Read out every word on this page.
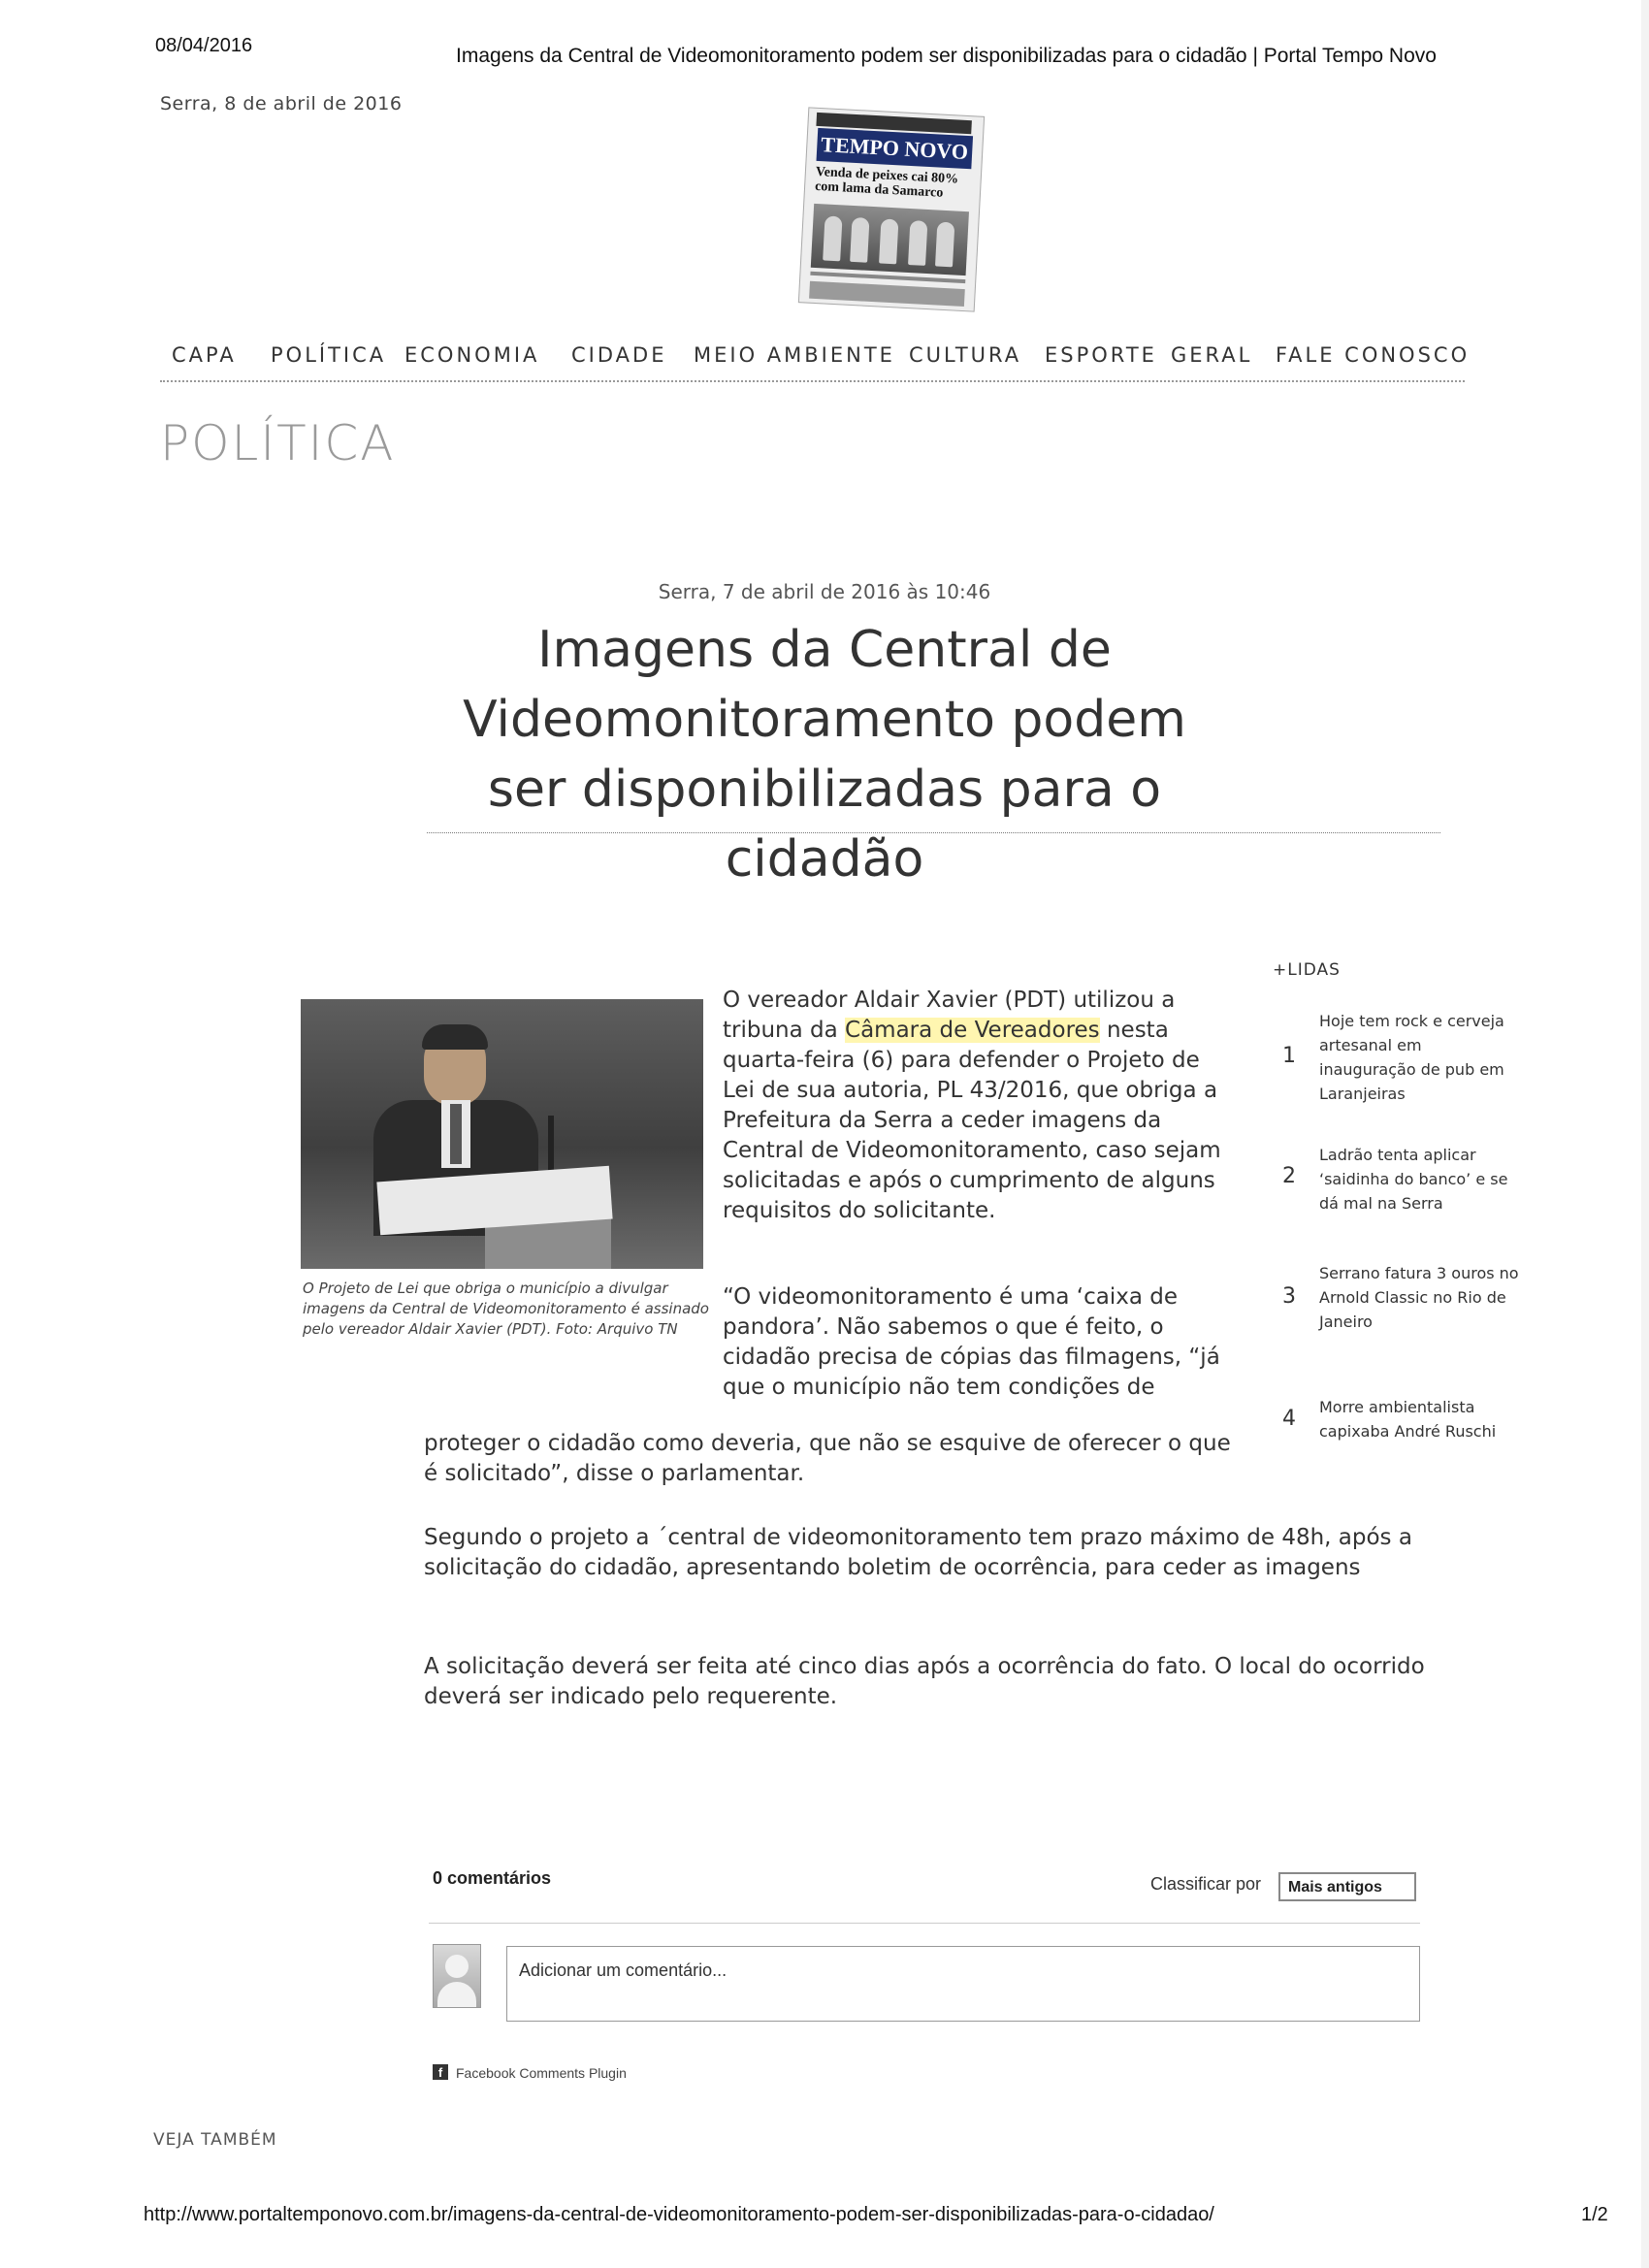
08/04/2016	Imagens da Central de Videomonitoramento podem ser disponibilizadas para o cidadão | Portal Tempo Novo
Serra, 8 de abril de 2016
TEMPO NOVO
Venda de peixes cai 80% com lama da Samarco
CAPA POLÍTICA ECONOMIA CIDADE MEIO AMBIENTE CULTURA ESPORTE GERAL FALE CONOSCO
POLÍTICA
Serra, 7 de abril de 2016 às 10:46
Imagens da Central de Videomonitoramento podem ser disponibilizadas para o cidadão
O Projeto de Lei que obriga o município a divulgar imagens da Central de Videomonitoramento é assinado pelo vereador Aldair Xavier (PDT). Foto: Arquivo TN
O vereador Aldair Xavier (PDT) utilizou a tribuna da Câmara de Vereadores nesta quarta-feira (6) para defender o Projeto de Lei de sua autoria, PL 43/2016, que obriga a Prefeitura da Serra a ceder imagens da Central de Videomonitoramento, caso sejam solicitadas e após o cumprimento de alguns requisitos do solicitante.
“O videomonitoramento é uma ‘caixa de pandora’. Não sabemos o que é feito, o cidadão precisa de cópias das filmagens, “já que o município não tem condições de
proteger o cidadão como deveria, que não se esquive de oferecer o que é solicitado”, disse o parlamentar.
Segundo o projeto a ´central de videomonitoramento tem prazo máximo de 48h, após a solicitação do cidadão, apresentando boletim de ocorrência, para ceder as imagens
A solicitação deverá ser feita até cinco dias após a ocorrência do fato. O local do ocorrido deverá ser indicado pelo requerente.
+LIDAS
1
Hoje tem rock e cerveja artesanal em inauguração de pub em Laranjeiras
2
Ladrão tenta aplicar ‘saidinha do banco’ e se dá mal na Serra
3
Serrano fatura 3 ouros no Arnold Classic no Rio de Janeiro
4 Morre ambientalista capixaba André Ruschi
0 comentários	Classificar por	Mais antigos
Adicionar um comentário...
f Facebook Comments Plugin
VEJA TAMBÉM
http://www.portaltemponovo.com.br/imagens-da-central-de-videomonitoramento-podem-ser-disponibilizadas-para-o-cidadao/	1/2
